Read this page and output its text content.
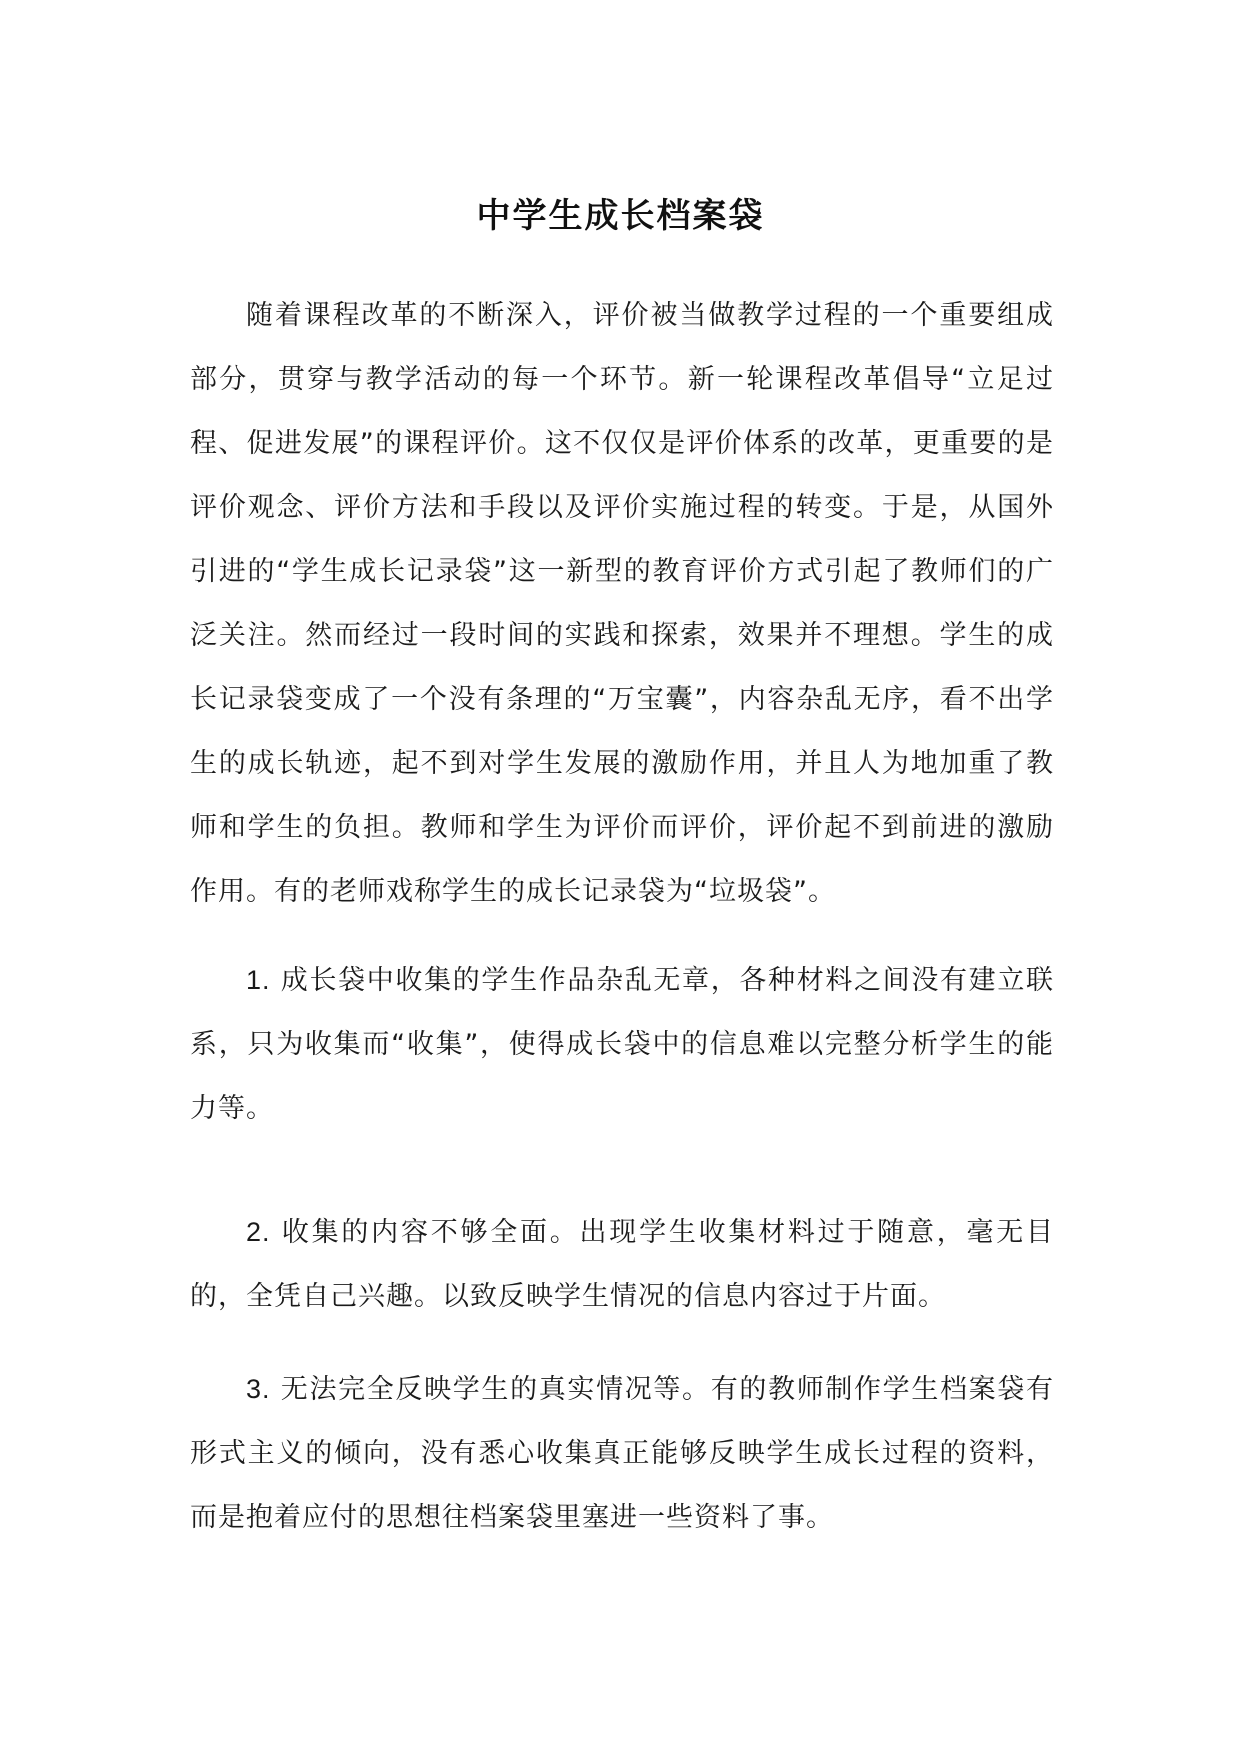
中学生成长档案袋

随着课程改革的不断深入，评价被当做教学过程的一个重要组成部分，贯穿与教学活动的每一个环节。新一轮课程改革倡导“立足过程、促进发展”的课程评价。这不仅仅是评价体系的改革，更重要的是评价观念、评价方法和手段以及评价实施过程的转变。于是，从国外引进的“学生成长记录袋”这一新型的教育评价方式引起了教师们的广泛关注。然而经过一段时间的实践和探索，效果并不理想。学生的成长记录袋变成了一个没有条理的“万宝囊”，内容杂乱无序，看不出学生的成长轨迹，起不到对学生发展的激励作用，并且人为地加重了教师和学生的负担。教师和学生为评价而评价，评价起不到前进的激励作用。有的老师戏称学生的成长记录袋为“垃圾袋”。

1. 成长袋中收集的学生作品杂乱无章，各种材料之间没有建立联系，只为收集而“收集”，使得成长袋中的信息难以完整分析学生的能力等。

2. 收集的内容不够全面。出现学生收集材料过于随意，毫无目的，全凭自己兴趣。以致反映学生情况的信息内容过于片面。

3. 无法完全反映学生的真实情况等。有的教师制作学生档案袋有形式主义的倾向，没有悉心收集真正能够反映学生成长过程的资料，而是抱着应付的思想往档案袋里塞进一些资料了事。
